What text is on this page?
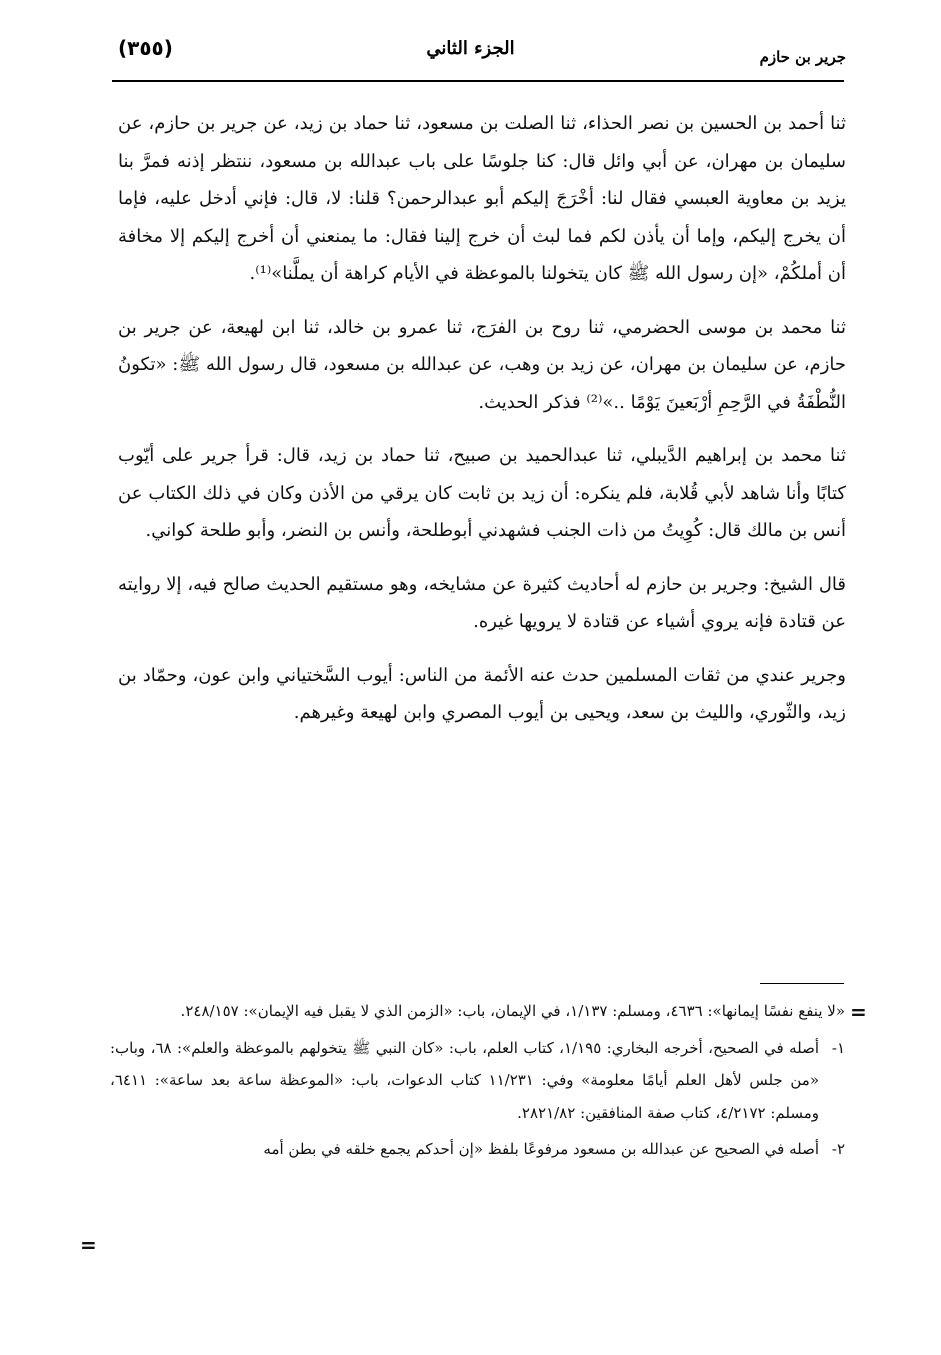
(٣٥٥)	الجزء الثاني	جرير بن حازم

ثنا أحمد بن الحسين بن نصر الحذاء، ثنا الصلت بن مسعود، ثنا حماد بن زيد، عن جرير بن حازم، عن سليمان بن مهران، عن أبي وائل قال: كنا جلوسًا على باب عبدالله بن مسعود، ننتظر إذنه فمرَّ بنا يزيد بن معاوية العبسي فقال لنا: أخْرَجَ إليكم أبو عبدالرحمن؟ قلنا: لا، قال: فإني أدخل عليه، فإما أن يخرج إليكم، وإما أن يأذن لكم فما لبث أن خرج إلينا فقال: ما يمنعني أن أخرج إليكم إلا مخافة أن أملكُمْ، «إن رسول الله ﷺ كان يتخولنا بالموعظة في الأيام كراهة أن يملَّنا»⁽¹⁾.

ثنا محمد بن موسى الحضرمي، ثنا روح بن الفرَج، ثنا عمرو بن خالد، ثنا ابن لهيعة، عن جرير بن حازم، عن سليمان بن مهران، عن زيد بن وهب، عن عبدالله بن مسعود، قال رسول الله ﷺ: «تكونُ النُّطْفَةُ في الرَّحِمِ أرْبَعينَ يَوْمًا ..»⁽²⁾ فذكر الحديث.

ثنا محمد بن إبراهيم الدَّيبلي، ثنا عبدالحميد بن صبيح، ثنا حماد بن زيد، قال: قرأ جرير على أيّوب كتابًا وأنا شاهد لأبي قُلابة، فلم ينكره: أن زيد بن ثابت كان يرقي من الأذن وكان في ذلك الكتاب عن أنس بن مالك قال: كُوِيتُ من ذات الجنب فشهدني أبوطلحة، وأنس بن النضر، وأبو طلحة كواني.

قال الشيخ: وجرير بن حازم له أحاديث كثيرة عن مشايخه، وهو مستقيم الحديث صالح فيه، إلا روايته عن قتادة فإنه يروي أشياء عن قتادة لا يرويها غيره.

وجرير عندي من ثقات المسلمين حدث عنه الأئمة من الناس: أيوب السَّختياني وابن عون، وحمّاد بن زيد، والثّوري، والليث بن سعد، ويحيى بن أيوب المصري وابن لهيعة وغيرهم.

=
«لا ينفع نفسًا إيمانها»: ٤٦٣٦، ومسلم: ١/١٣٧، في الإيمان، باب: «الزمن الذي لا يقبل فيه الإيمان»: ٢٤٨/١٥٧.
١-
أصله في الصحيح، أخرجه البخاري: ١/١٩٥، كتاب العلم، باب: «كان النبي ﷺ يتخولهم بالموعظة والعلم»: ٦٨، وباب: «من جلس لأهل العلم أيامًا معلومة» وفي: ١١/٢٣١ كتاب الدعوات، باب: «الموعظة ساعة بعد ساعة»: ٦٤١١، ومسلم: ٤/٢١٧٢، كتاب صفة المنافقين: ٢٨٢١/٨٢.
٢-
أصله في الصحيح عن عبدالله بن مسعود مرفوعًا بلفظ «إن أحدكم يجمع خلقه في بطن أمه
=
